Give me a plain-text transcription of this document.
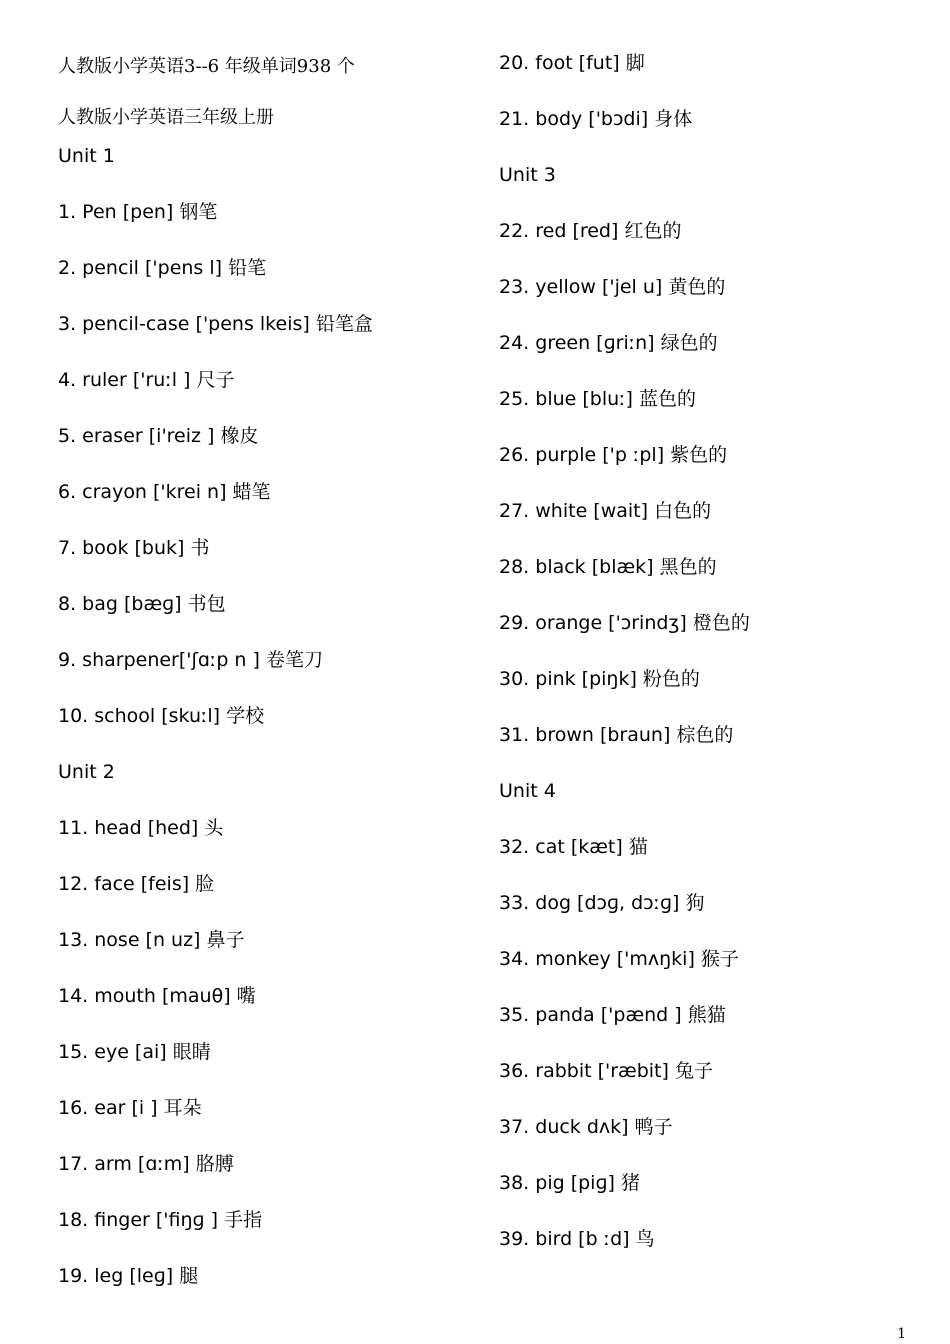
人教版小学英语3--6 年级单词938 个
人教版小学英语三年级上册
Unit 1
1. Pen [pen] 钢笔
2. pencil ['pens l] 铅笔
3. pencil-case ['pens lkeis] 铅笔盒
4. ruler ['ruːl ] 尺子
5. eraser [i'reiz ] 橡皮
6. crayon ['krei n] 蜡笔
7. book [buk] 书
8. bag [bæɡ] 书包
9. sharpener['ʃɑːp n ] 卷笔刀
10. school [skuːl] 学校
Unit 2
11. head [hed] 头
12. face [feis] 脸
13. nose [n uz] 鼻子
14. mouth [mauθ] 嘴
15. eye [ai] 眼睛
16. ear [i ] 耳朵
17. arm [ɑːm] 胳膊
18. finger ['fiŋɡ ] 手指
19. leg [leɡ] 腿
20. foot [fut] 脚
21. body ['bɔdi] 身体
Unit 3
22. red [red] 红色的
23. yellow ['jel u] 黄色的
24. green [ɡriːn] 绿色的
25. blue [bluː] 蓝色的
26. purple ['p ːpl] 紫色的
27. white [wait] 白色的
28. black [blæk] 黑色的
29. orange ['ɔrindʒ] 橙色的
30. pink [piŋk] 粉色的
31. brown [braun] 棕色的
Unit 4
32. cat [kæt] 猫
33. dog [dɔɡ, dɔːɡ] 狗
34. monkey ['mʌŋki] 猴子
35. panda ['pænd ] 熊猫
36. rabbit ['ræbit] 兔子
37. duck dʌk] 鸭子
38. pig [piɡ] 猪
39. bird [b ːd] 鸟
1
